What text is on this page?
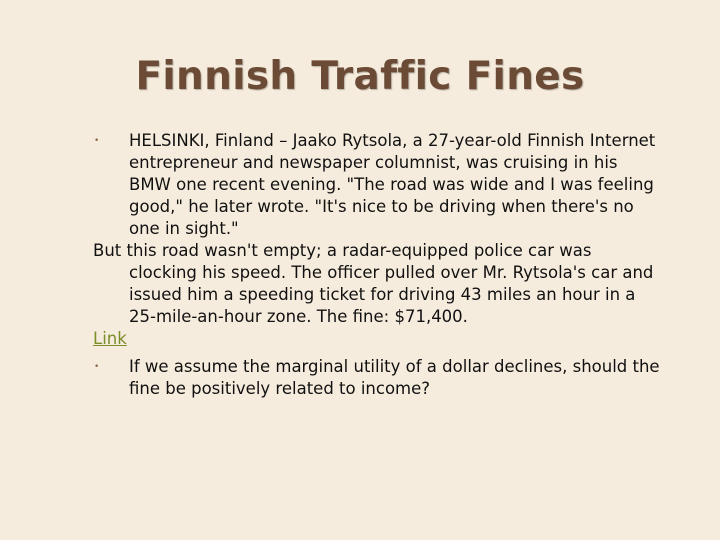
Finnish Traffic Fines
• HELSINKI, Finland – Jaako Rytsola, a 27-year-old Finnish Internet entrepreneur and newspaper columnist, was cruising in his BMW one recent evening. "The road was wide and I was feeling good," he later wrote. "It's nice to be driving when there's no one in sight."

But this road wasn't empty; a radar-equipped police car was clocking his speed. The officer pulled over Mr. Rytsola's car and issued him a speeding ticket for driving 43 miles an hour in a 25-mile-an-hour zone. The fine: $71,400.

Link

• If we assume the marginal utility of a dollar declines, should the fine be positively related to income?
